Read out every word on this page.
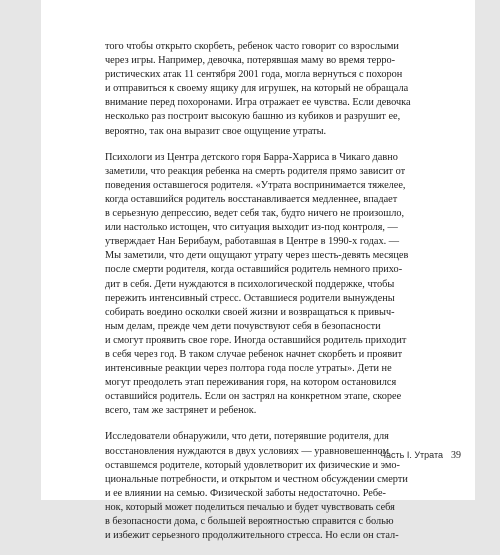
того чтобы открыто скорбеть, ребенок часто говорит со взрослыми
через игры. Например, девочка, потерявшая маму во время терро-
ристических атак 11 сентября 2001 года, могла вернуться с похорон
и отправиться к своему ящику для игрушек, на который не обращала
внимание перед похоронами. Игра отражает ее чувства. Если девочка
несколько раз построит высокую башню из кубиков и разрушит ее,
вероятно, так она выразит свое ощущение утраты.
Психологи из Центра детского горя Барра-Харриса в Чикаго давно
заметили, что реакция ребенка на смерть родителя прямо зависит от
поведения оставшегося родителя. «Утрата воспринимается тяжелее,
когда оставшийся родитель восстанавливается медленнее, впадает
в серьезную депрессию, ведет себя так, будто ничего не произошло,
или настолько истощен, что ситуация выходит из-под контроля, —
утверждает Нан Берибаум, работавшая в Центре в 1990-х годах. —
Мы заметили, что дети ощущают утрату через шесть-девять месяцев
после смерти родителя, когда оставшийся родитель немного прихо-
дит в себя. Дети нуждаются в психологической поддержке, чтобы
пережить интенсивный стресс. Оставшиеся родители вынуждены
собирать воедино осколки своей жизни и возвращаться к привыч-
ным делам, прежде чем дети почувствуют себя в безопасности
и смогут проявить свое горе. Иногда оставшийся родитель приходит
в себя через год. В таком случае ребенок начнет скорбеть и проявит
интенсивные реакции через полтора года после утраты». Дети не
могут преодолеть этап переживания горя, на котором остановился
оставшийся родитель. Если он застрял на конкретном этапе, скорее
всего, там же застрянет и ребенок.
Исследователи обнаружили, что дети, потерявшие родителя, для
восстановления нуждаются в двух условиях — уравновешенном
оставшемся родителе, который удовлетворит их физические и эмо-
циональные потребности, и открытом и честном обсуждении смерти
и ее влиянии на семью. Физической заботы недостаточно. Ребе-
нок, который может поделиться печалью и будет чувствовать себя
в безопасности дома, с большей вероятностью справится с болью
и избежит серьезного продолжительного стресса. Но если он стал-
Часть I. Утрата 39
